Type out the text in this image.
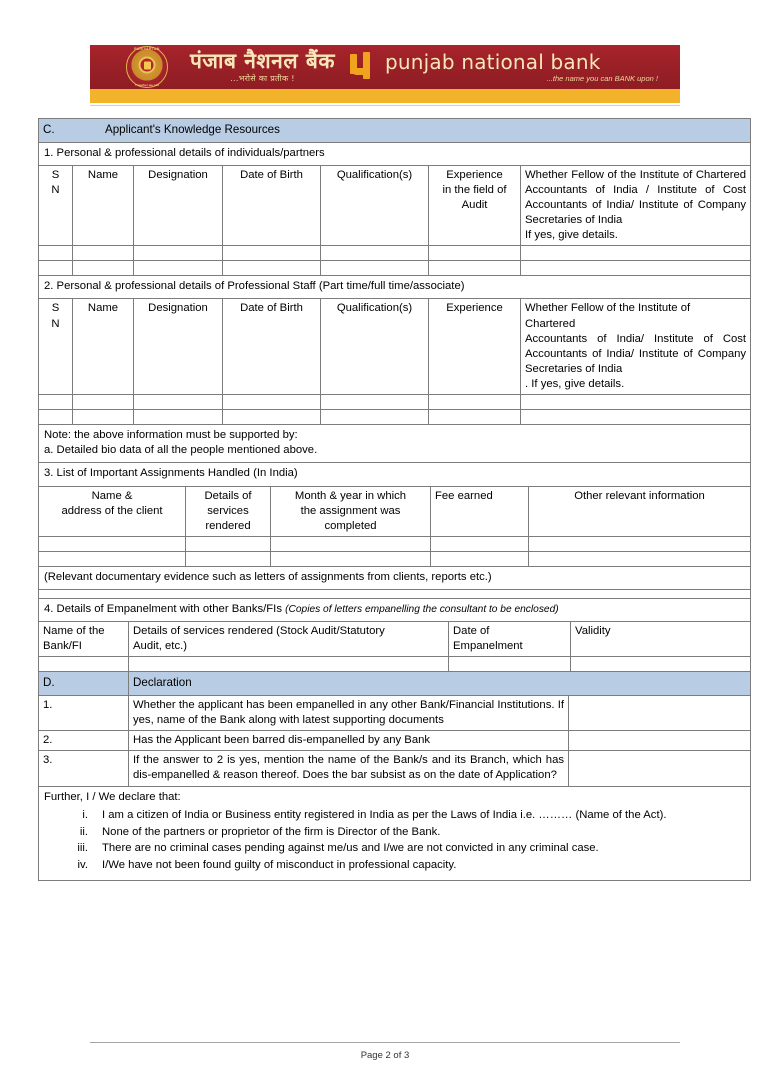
PARIVARTAN
Together we can
पंजाब नैशनल बैंक
...भरोसे का प्रतीक !
punjab national bank
...the name you can BANK upon !
C. Applicant's Knowledge Resources						
1. Personal & professional details of individuals/partners						
S
N	Name	Designation	Date of Birth	Qualification(s)	Experience
in the field of
Audit	Whether Fellow of the Institute of Chartered Accountants of India / Institute of Cost Accountants of India/ Institute of Company Secretaries of India
If yes, give details.

2. Personal & professional details of Professional Staff (Part time/full time/associate)						
S
N	Name	Designation	Date of Birth	Qualification(s)	Experience	Whether Fellow of the Institute of
Chartered
Accountants of India/ Institute of Cost Accountants of India/ Institute of Company Secretaries of India
. If yes, give details.

Note: the above information must be supported by:
a. Detailed bio data of all the people mentioned above.						

3. List of Important Assignments Handled (In India)						
Name &
address of the client	Details of
services
rendered	Month & year in which
the assignment was
completed	Fee earned	Other relevant information

(Relevant documentary evidence such as letters of assignments from clients, reports etc.)				

4. Details of Empanelment with other Banks/FIs (Copies of letters empanelling the consultant to be enclosed)			
Name of the
Bank/FI	Details of services rendered (Stock Audit/Statutory
Audit, etc.)	Date of
Empanelment	Validity

D.	Declaration	
1.	Whether the applicant has been empanelled in any other Bank/Financial Institutions. If yes, name of the Bank along with latest supporting documents	
2.	Has the Applicant been barred dis-empanelled by any Bank	
3.	If the answer to 2 is yes, mention the name of the Bank/s and its Branch, which has dis-empanelled & reason thereof. Does the bar subsist as on the date of Application?	

Further, I / We declare that:
i. I am a citizen of India or Business entity registered in India as per the Laws of India i.e. ……… (Name of the Act).
ii. None of the partners or proprietor of the firm is Director of the Bank.
iii. There are no criminal cases pending against me/us and I/we are not convicted in any criminal case.
iv. I/We have not been found guilty of misconduct in professional capacity.
Page 2 of 3
